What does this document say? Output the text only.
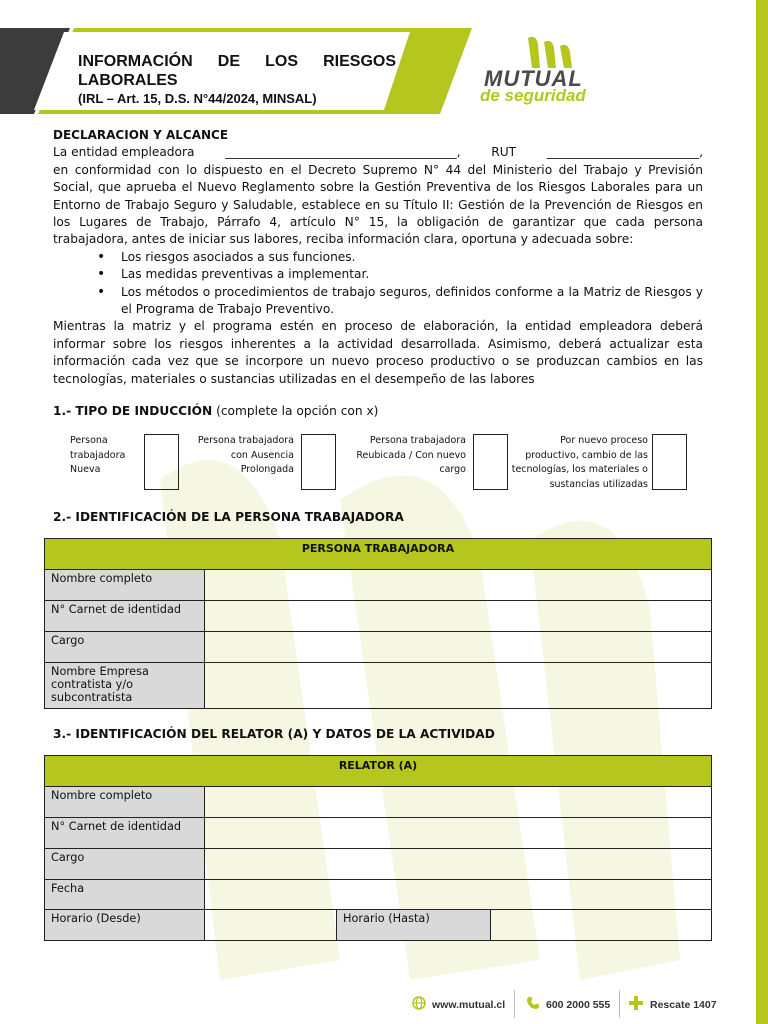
INFORMACIÓN DE LOS RIESGOS
LABORALES
(IRL – Art. 15, D.S. N°44/2024, MINSAL)
MUTUAL
de seguridad
DECLARACION Y ALCANCE
La entidad empleadora	______________________________________,	RUT	_________________________,
en conformidad con lo dispuesto en el Decreto Supremo N° 44 del Ministerio del Trabajo y Previsión Social, que aprueba el Nuevo Reglamento sobre la Gestión Preventiva de los Riesgos Laborales para un Entorno de Trabajo Seguro y Saludable, establece en su Título II: Gestión de la Prevención de Riesgos en los Lugares de Trabajo, Párrafo 4, artículo N° 15, la obligación de garantizar que cada persona trabajadora, antes de iniciar sus labores, reciba información clara, oportuna y adecuada sobre:
• Los riesgos asociados a sus funciones.
• Las medidas preventivas a implementar.
• Los métodos o procedimientos de trabajo seguros, definidos conforme a la Matriz de Riesgos y el Programa de Trabajo Preventivo.
Mientras la matriz y el programa estén en proceso de elaboración, la entidad empleadora deberá informar sobre los riesgos inherentes a la actividad desarrollada. Asimismo, deberá actualizar esta información cada vez que se incorpore un nuevo proceso productivo o se produzcan cambios en las tecnologías, materiales o sustancias utilizadas en el desempeño de las labores
1.- TIPO DE INDUCCIÓN (complete la opción con x)
Persona trabajadora Nueva
Persona trabajadora con Ausencia Prolongada
Persona trabajadora Reubicada / Con nuevo cargo
Por nuevo proceso productivo, cambio de las tecnologías, los materiales o sustancias utilizadas
2.- IDENTIFICACIÓN DE LA PERSONA TRABAJADORA
PERSONA TRABAJADORA	
Nombre completo	
N° Carnet de identidad	
Cargo	
Nombre Empresa contratista y/o subcontratista	
3.- IDENTIFICACIÓN DEL RELATOR (A) Y DATOS DE LA ACTIVIDAD
RELATOR (A)			
Nombre completo			
N° Carnet de identidad			
Cargo			
Fecha			
Horario (Desde)		Horario (Hasta)	
www.mutual.cl	600 2000 555	Rescate 1407
